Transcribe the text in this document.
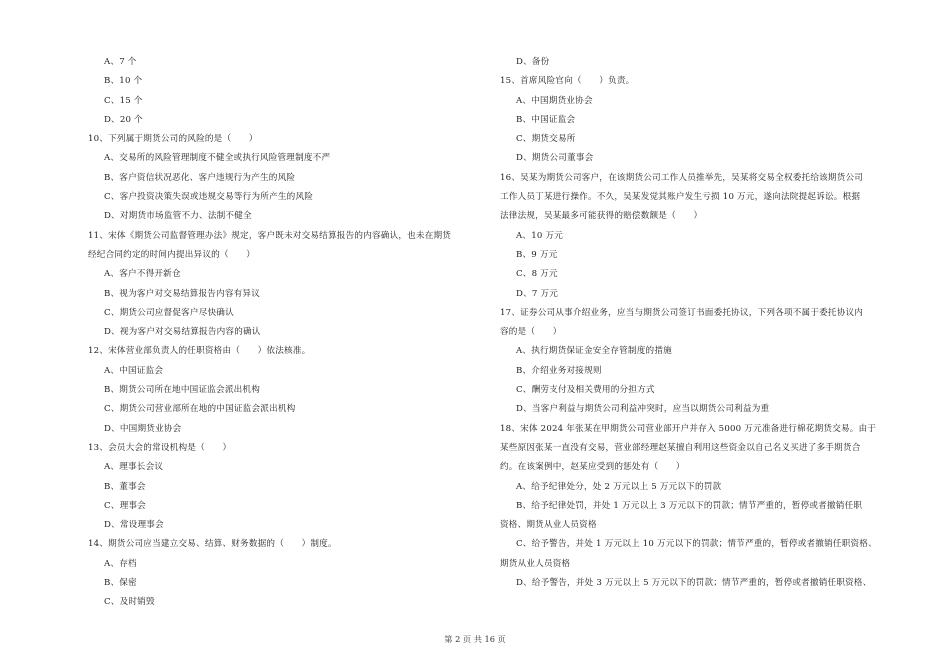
A、7 个
B、10 个
C、15 个
D、20 个
10、下列属于期货公司的风险的是（　　）
A、交易所的风险管理制度不健全或执行风险管理制度不严
B、客户资信状况恶化、客户违规行为产生的风险
C、客户投资决策失误或违规交易等行为所产生的风险
D、对期货市场监管不力、法制不健全
11、宋体《期货公司监督管理办法》规定，客户既未对交易结算报告的内容确认，也未在期货
经纪合同约定的时间内提出异议的（　　）
A、客户不得开新仓
B、视为客户对交易结算报告内容有异议
C、期货公司应督促客户尽快确认
D、视为客户对交易结算报告内容的确认
12、宋体营业部负责人的任职资格由（　　）依法核准。
A、中国证监会
B、期货公司所在地中国证监会派出机构
C、期货公司营业部所在地的中国证监会派出机构
D、中国期货业协会
13、会员大会的常设机构是（　　）
A、理事长会议
B、董事会
C、理事会
D、常设理事会
14、期货公司应当建立交易、结算、财务数据的（　　）制度。
A、存档
B、保密
C、及时销毁
D、备份
15、首席风险官向（　　）负责。
A、中国期货业协会
B、中国证监会
C、期货交易所
D、期货公司董事会
16、吴某为期货公司客户，在该期货公司工作人员推举先，吴某将交易全权委托给该期货公司
工作人员丁某进行操作。不久，吴某发觉其账户发生亏损 10 万元，遂向法院提起诉讼。根据
法律法规，吴某最多可能获得的赔偿数额是（　　）
A、10 万元
B、9 万元
C、8 万元
D、7 万元
17、证券公司从事介绍业务，应当与期货公司签订书面委托协议，下列各项不属于委托协议内
容的是（　　）
A、执行期货保证金安全存管制度的措施
B、介绍业务对接规则
C、酬劳支付及相关费用的分担方式
D、当客户利益与期货公司利益冲突时，应当以期货公司利益为重
18、宋体 2024 年张某在甲期货公司营业部开户并存入 5000 万元准备进行棉花期货交易。由于
某些原因张某一直没有交易，营业部经理赵某擅自利用这些资金以自己名义买进了多手期货合
约。在该案例中，赵某应受到的惩处有（　　）
A、给予纪律处分，处 2 万元以上 5 万元以下的罚款
B、给予纪律处罚，并处 1 万元以上 3 万元以下的罚款；情节严重的，暂停或者撤销任职
资格、期货从业人员资格
C、给予警告，并处 1 万元以上 10 万元以下的罚款；情节严重的，暂停或者撤销任职资格、
期货从业人员资格
D、给予警告，并处 3 万元以上 5 万元以下的罚款；情节严重的，暂停或者撤销任职资格、
第 2 页 共 16 页
